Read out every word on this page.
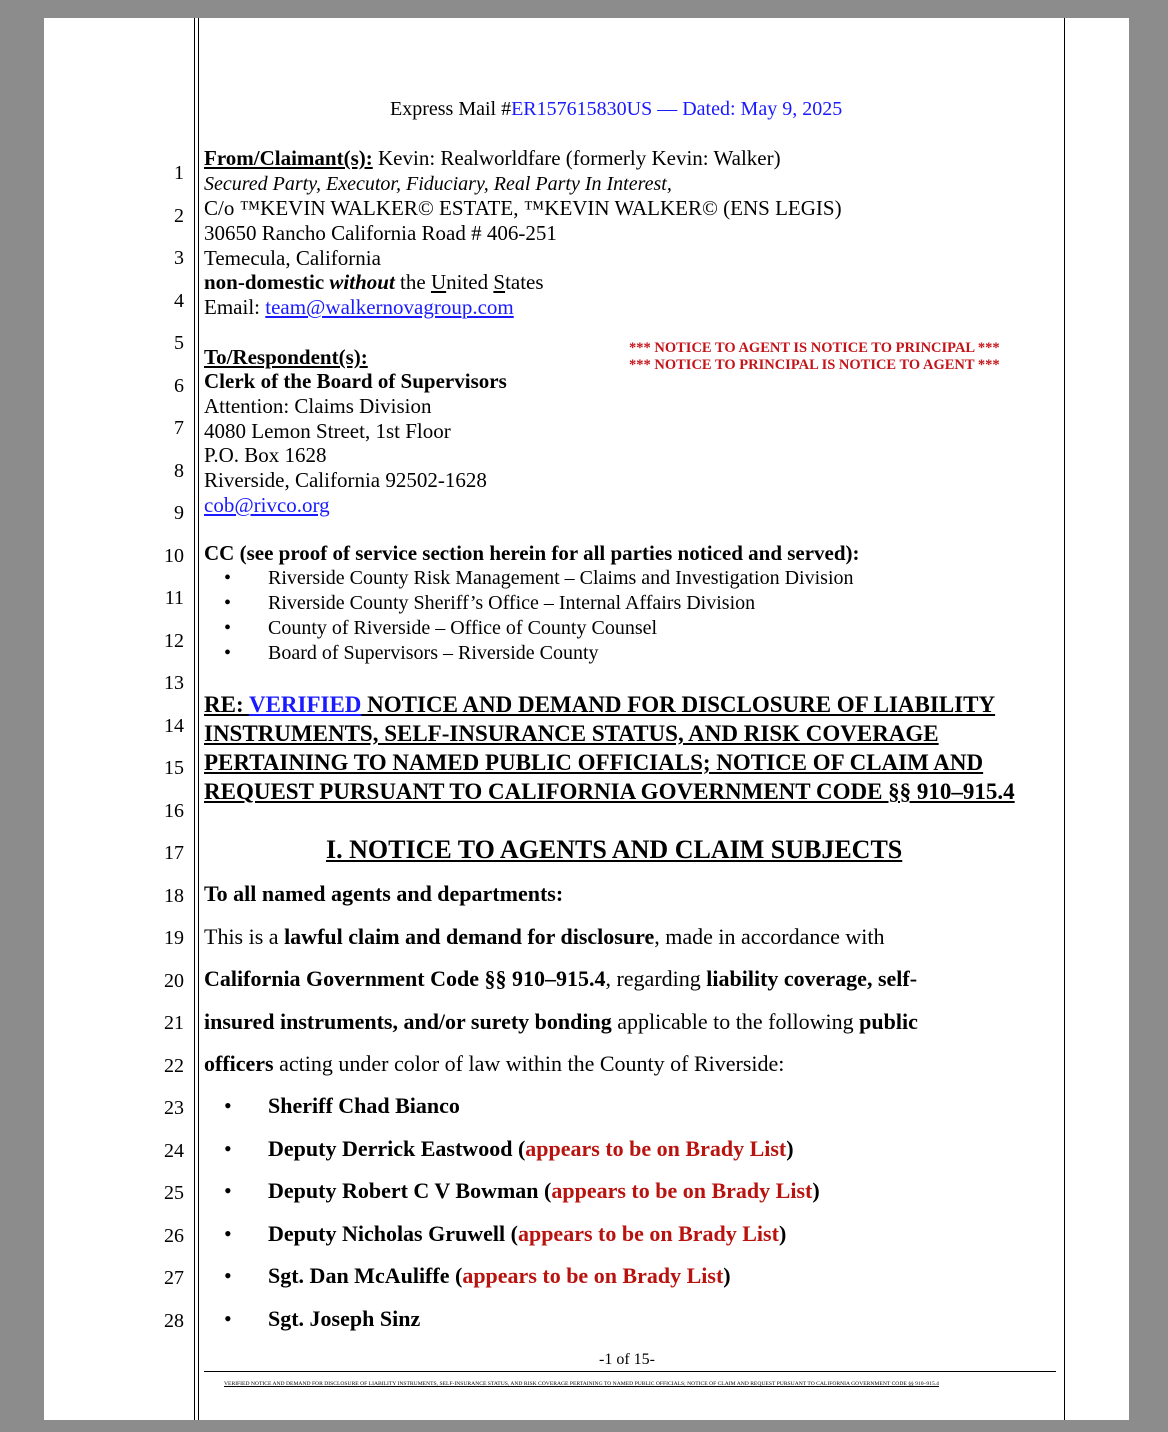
1
2
3
4
5
6
7
8
9
10
11
12
13
14
15
16
17
18
19
20
21
22
23
24
25
26
27
28
Express Mail #ER157615830US — Dated: May 9, 2025
From/Claimant(s): Kevin: Realworldfare (formerly Kevin: Walker)
Secured Party, Executor, Fiduciary, Real Party In Interest,
C/o ™KEVIN WALKER© ESTATE, ™KEVIN WALKER© (ENS LEGIS)
30650 Rancho California Road # 406-251
Temecula, California
non-domestic without the United States
Email: team@walkernovagroup.com
*** NOTICE TO AGENT IS NOTICE TO PRINCIPAL ***
*** NOTICE TO PRINCIPAL IS NOTICE TO AGENT ***
To/Respondent(s):
Clerk of the Board of Supervisors
Attention: Claims Division
4080 Lemon Street, 1st Floor
P.O. Box 1628
Riverside, California 92502-1628
cob@rivco.org
CC (see proof of service section herein for all parties noticed and served):
• Riverside County Risk Management – Claims and Investigation Division
• Riverside County Sheriff’s Office – Internal Affairs Division
• County of Riverside – Office of County Counsel
• Board of Supervisors – Riverside County
RE: VERIFIED NOTICE AND DEMAND FOR DISCLOSURE OF LIABILITY
INSTRUMENTS, SELF-INSURANCE STATUS, AND RISK COVERAGE
PERTAINING TO NAMED PUBLIC OFFICIALS; NOTICE OF CLAIM AND
REQUEST PURSUANT TO CALIFORNIA GOVERNMENT CODE §§ 910–915.4
I. NOTICE TO AGENTS AND CLAIM SUBJECTS
To all named agents and departments:
This is a lawful claim and demand for disclosure, made in accordance with
California Government Code §§ 910–915.4, regarding liability coverage, self-
insured instruments, and/or surety bonding applicable to the following public
officers acting under color of law within the County of Riverside:
• Sheriff Chad Bianco
• Deputy Derrick Eastwood (appears to be on Brady List)
• Deputy Robert C V Bowman (appears to be on Brady List)
• Deputy Nicholas Gruwell (appears to be on Brady List)
• Sgt. Dan McAuliffe (appears to be on Brady List)
• Sgt. Joseph Sinz
-1 of 15-
VERIFIED NOTICE AND DEMAND FOR DISCLOSURE OF LIABILITY INSTRUMENTS, SELF-INSURANCE STATUS, AND RISK COVERAGE PERTAINING TO NAMED PUBLIC OFFICIALS; NOTICE OF CLAIM AND REQUEST PURSUANT TO CALIFORNIA GOVERNMENT CODE §§ 910–915.4
